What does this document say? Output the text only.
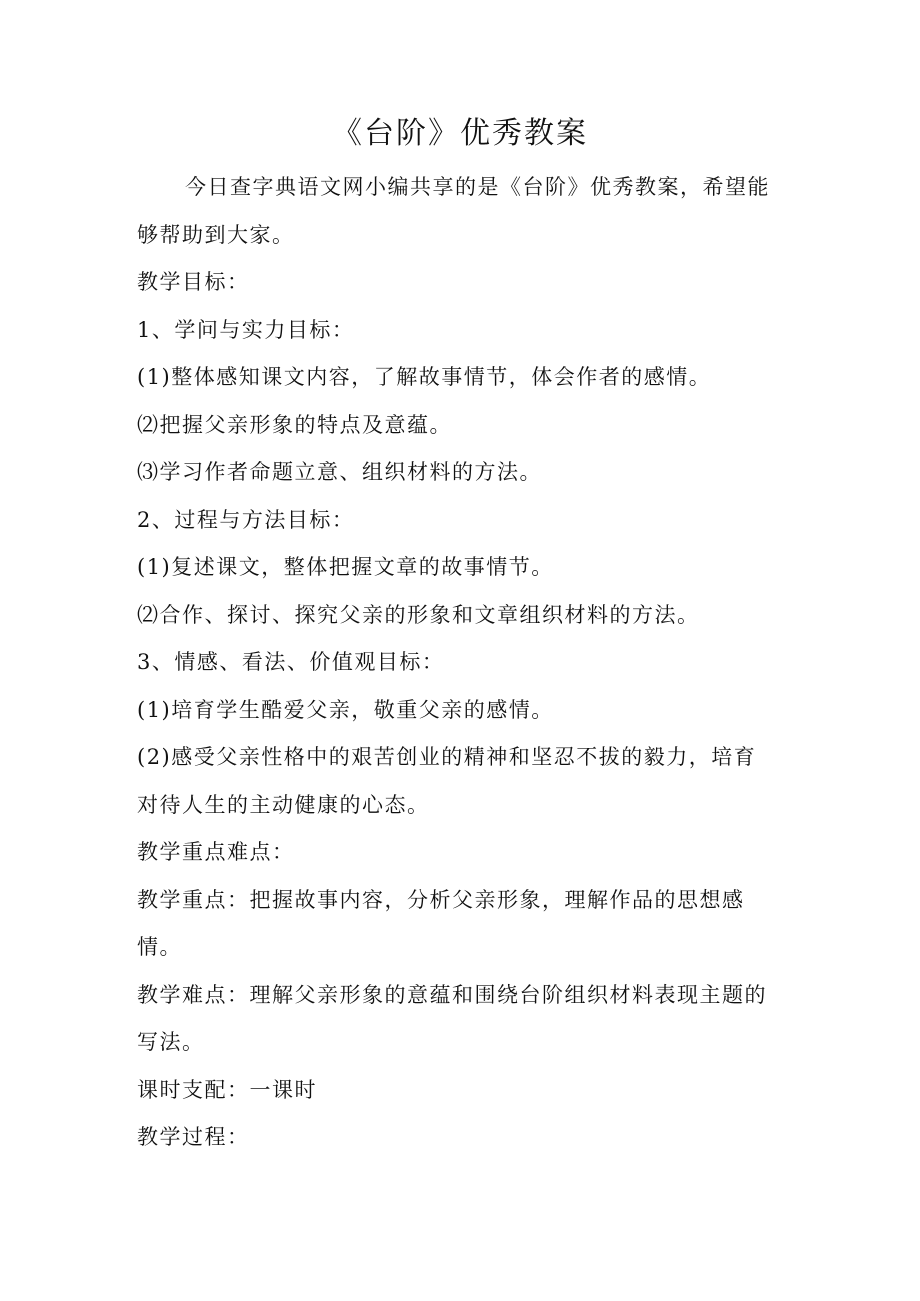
《台阶》优秀教案

今日查字典语文网小编共享的是《台阶》优秀教案，希望能够帮助到大家。

教学目标：

1、学问与实力目标：

(1)整体感知课文内容，了解故事情节，体会作者的感情。

⑵把握父亲形象的特点及意蕴。

⑶学习作者命题立意、组织材料的方法。

2、过程与方法目标：

(1)复述课文，整体把握文章的故事情节。

⑵合作、探讨、探究父亲的形象和文章组织材料的方法。

3、情感、看法、价值观目标：

(1)培育学生酷爱父亲，敬重父亲的感情。

(2)感受父亲性格中的艰苦创业的精神和坚忍不拔的毅力，培育对待人生的主动健康的心态。

教学重点难点：

教学重点：把握故事内容，分析父亲形象，理解作品的思想感情。

教学难点：理解父亲形象的意蕴和围绕台阶组织材料表现主题的写法。

课时支配：一课时

教学过程：
